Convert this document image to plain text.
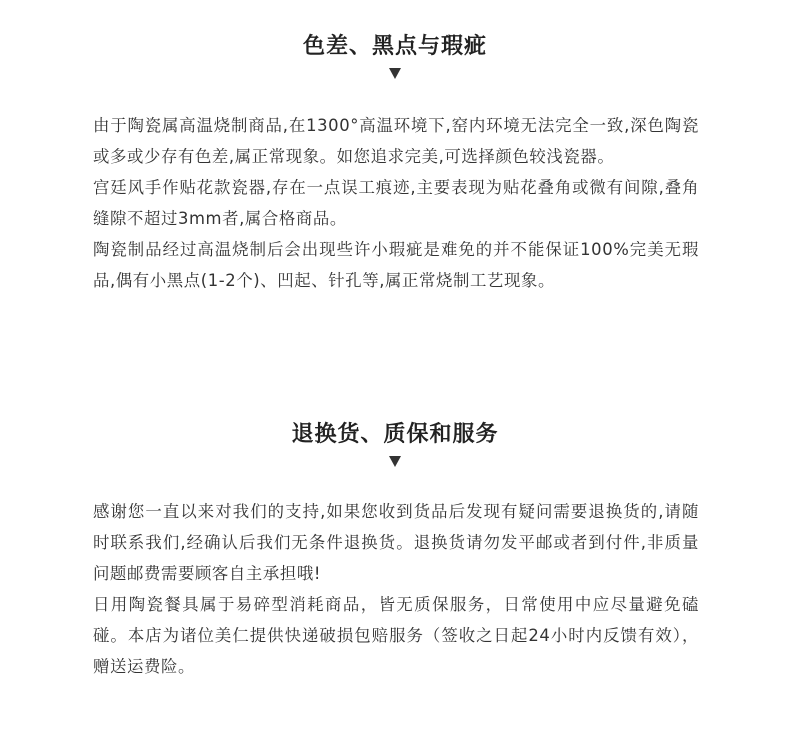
色差、黑点与瑕疵

由于陶瓷属高温烧制商品,在1300°高温环境下,窑内环境无法完全一致,深色陶瓷或多或少存有色差,属正常现象。如您追求完美,可选择颜色较浅瓷器。

宫廷风手作贴花款瓷器,存在一点误工痕迹,主要表现为贴花叠角或微有间隙,叠角缝隙不超过3mm者,属合格商品。

陶瓷制品经过高温烧制后会出现些许小瑕疵是难免的并不能保证100%完美无瑕品,偶有小黑点(1-2个)、凹起、针孔等,属正常烧制工艺现象。

退换货、质保和服务

感谢您一直以来对我们的支持,如果您收到货品后发现有疑问需要退换货的,请随时联系我们,经确认后我们无条件退换货。退换货请勿发平邮或者到付件,非质量问题邮费需要顾客自主承担哦!

日用陶瓷餐具属于易碎型消耗商品，皆无质保服务，日常使用中应尽量避免磕碰。本店为诸位美仁提供快递破损包赔服务（签收之日起24小时内反馈有效），赠送运费险。
